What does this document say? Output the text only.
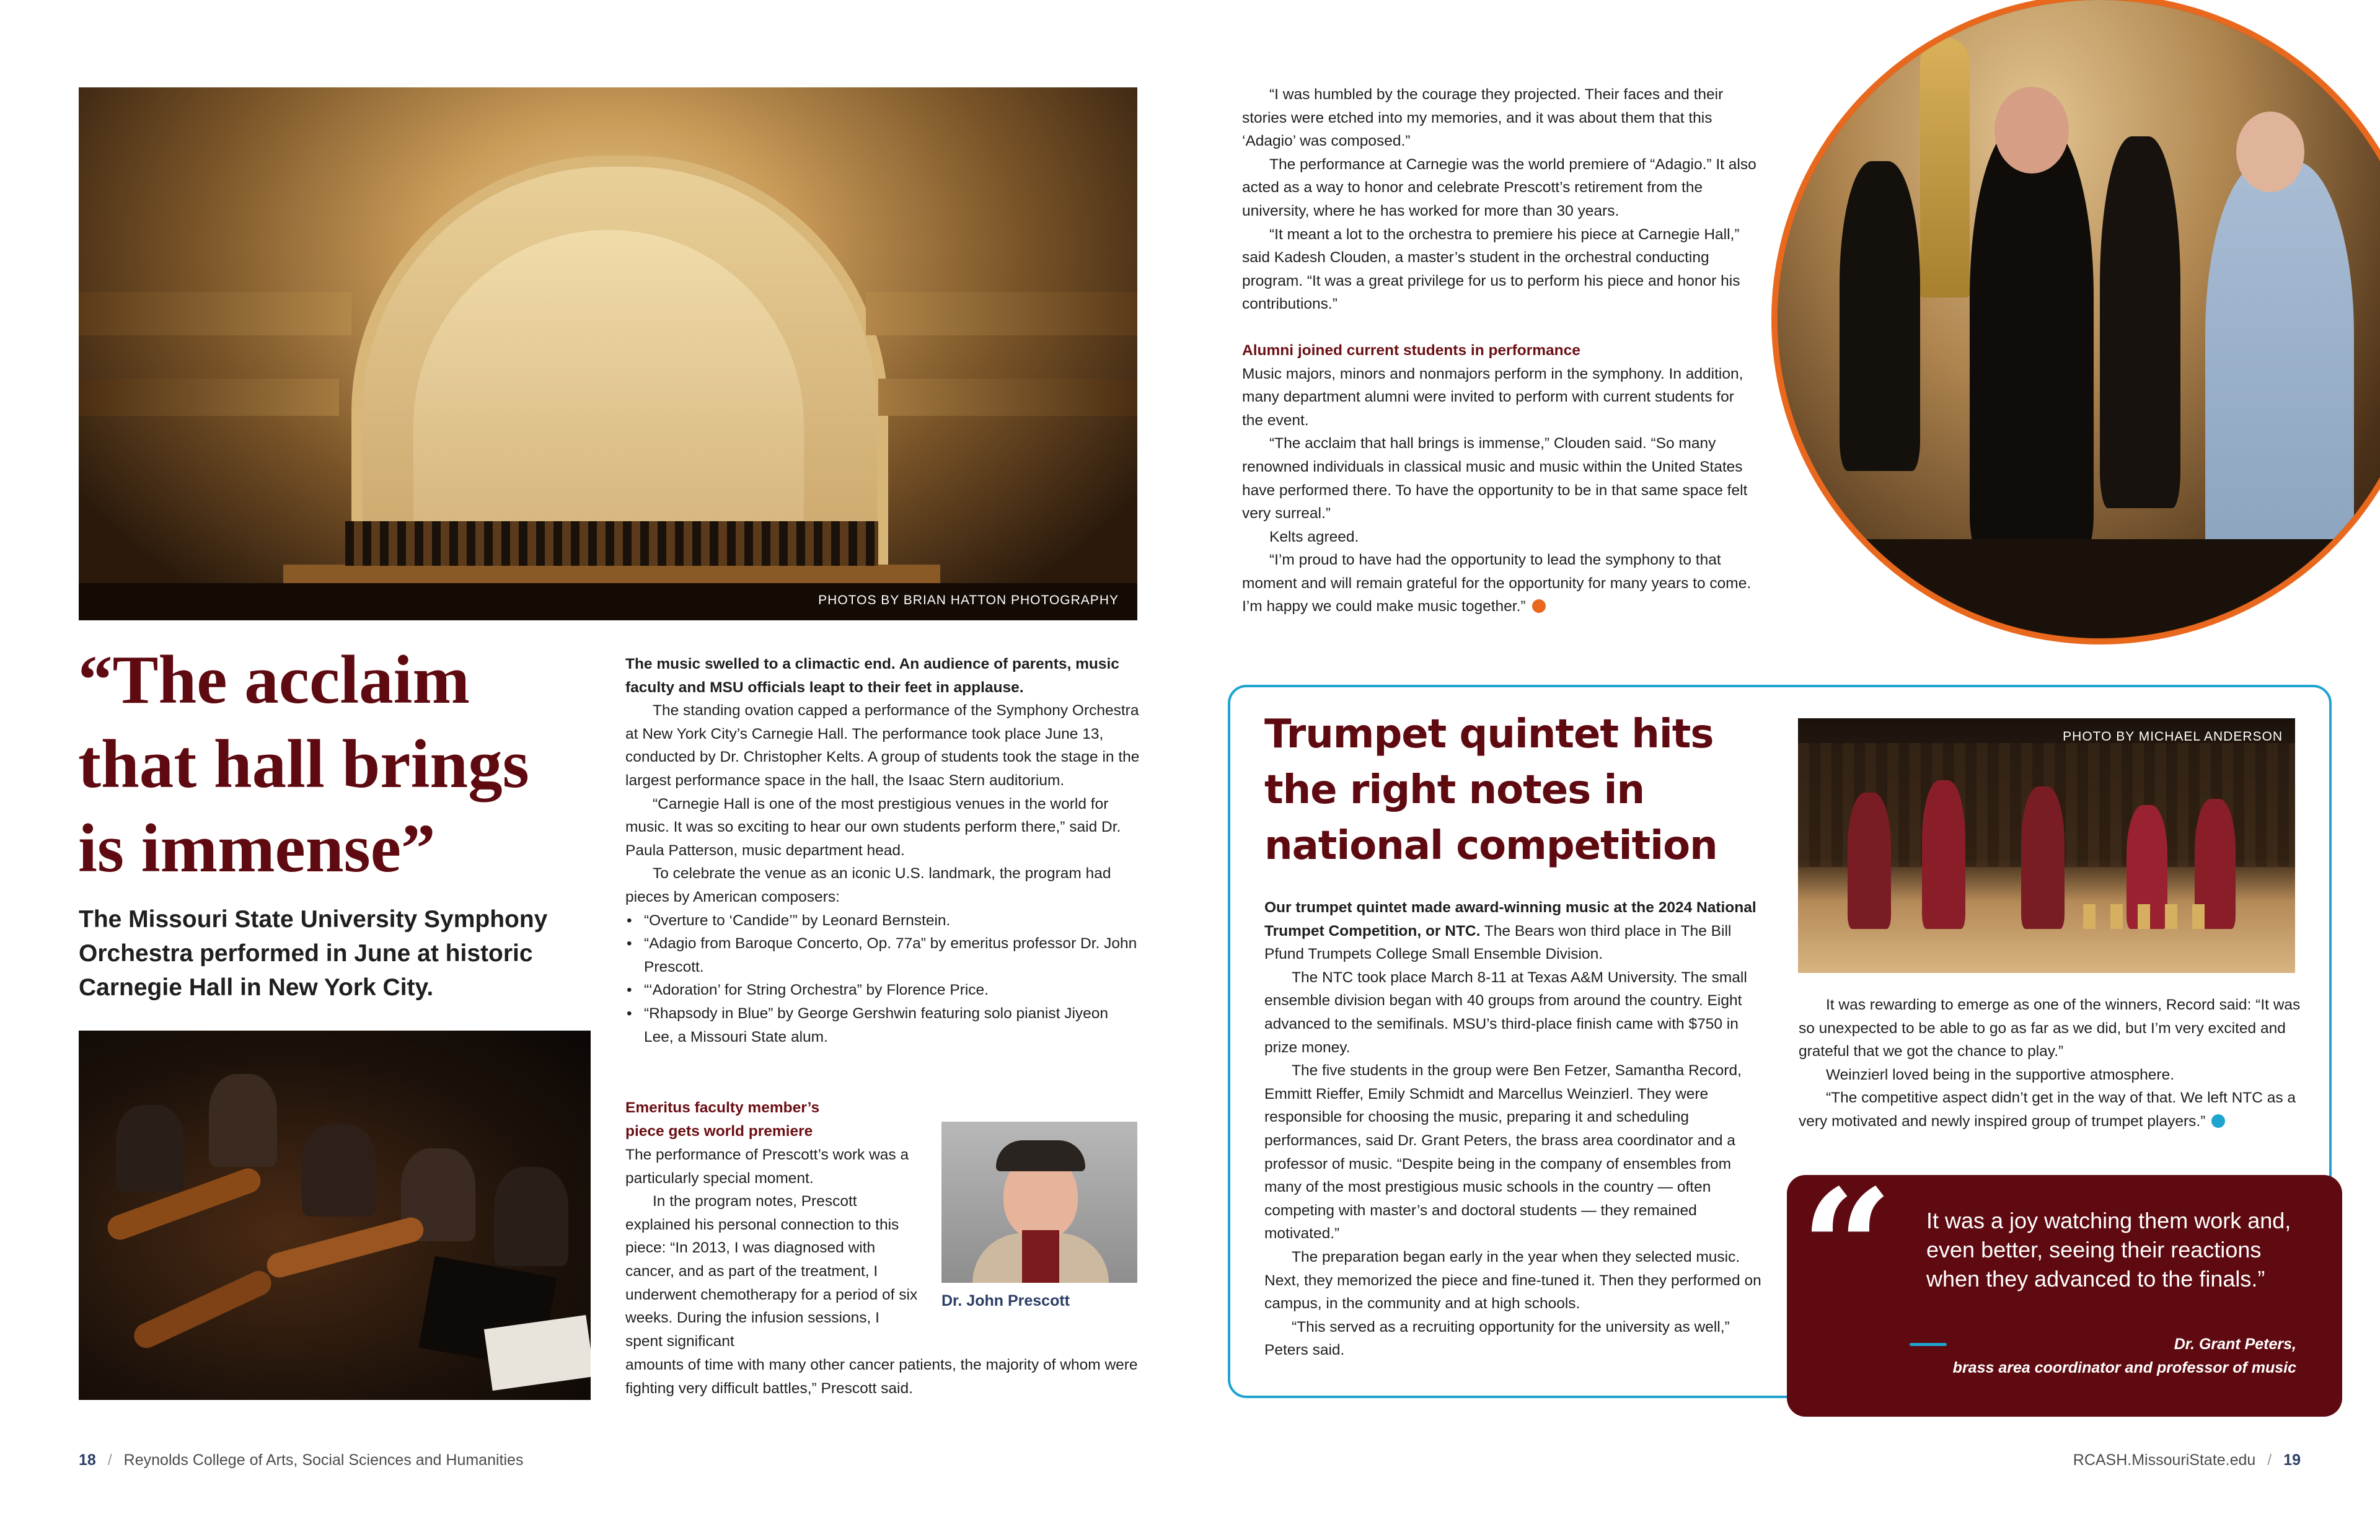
PHOTOS BY BRIAN HATTON PHOTOGRAPHY
“The acclaim
that hall brings
is immense”
The Missouri State University Symphony
Orchestra performed in June at historic
Carnegie Hall in New York City.

The music swelled to a climactic end. An audience of parents, music faculty and MSU officials leapt to their feet in applause.

The standing ovation capped a performance of the Symphony Orchestra at New York City’s Carnegie Hall. The performance took place June 13, conducted by Dr. Christopher Kelts. A group of students took the stage in the largest performance space in the hall, the Isaac Stern auditorium.

“Carnegie Hall is one of the most prestigious venues in the world for music. It was so exciting to hear our own students perform there,” said Dr. Paula Patterson, music department head.

To celebrate the venue as an iconic U.S. landmark, the program had pieces by American composers:

• “Overture to ‘Candide’” by Leonard Bernstein.
• “Adagio from Baroque Concerto, Op. 77a” by emeritus professor Dr. John Prescott.
• “‘Adoration’ for String Orchestra” by Florence Price.
• “Rhapsody in Blue” by George Gershwin featuring solo pianist Jiyeon Lee, a Missouri State alum.
Emeritus faculty member’s
piece gets world premiere

The performance of Prescott’s work was a particularly special moment.

In the program notes, Prescott explained his personal connection to this piece: “In 2013, I was diagnosed with cancer, and as part of the treatment, I underwent chemotherapy for a period of six weeks. During the infusion sessions, I spent significant

amounts of time with many other cancer patients, the majority of whom were fighting very difficult battles,” Prescott said.

Dr. John Prescott
18 / Reynolds College of Arts, Social Sciences and Humanities

“I was humbled by the courage they projected. Their faces and their stories were etched into my memories, and it was about them that this ‘Adagio’ was composed.”

The performance at Carnegie was the world premiere of “Adagio.” It also acted as a way to honor and celebrate Prescott’s retirement from the university, where he has worked for more than 30 years.

“It meant a lot to the orchestra to premiere his piece at Carnegie Hall,” said Kadesh Clouden, a master’s student in the orchestral conducting program. “It was a great privilege for us to perform his piece and honor his contributions.”

Alumni joined current students in performance

Music majors, minors and nonmajors perform in the symphony. In addition, many department alumni were invited to perform with current students for the event.

“The acclaim that hall brings is immense,” Clouden said. “So many renowned individuals in classical music and music within the United States have performed there. To have the opportunity to be in that same space felt very surreal.”

Kelts agreed.

“I’m proud to have had the opportunity to lead the symphony to that moment and will remain grateful for the opportunity for many years to come. I’m happy we could make music together.”

Trumpet quintet hits
the right notes in
national competition

Our trumpet quintet made award-winning music at the 2024 National Trumpet Competition, or NTC. The Bears won third place in The Bill Pfund Trumpets College Small Ensemble Division.

The NTC took place March 8-11 at Texas A&M University. The small ensemble division began with 40 groups from around the country. Eight advanced to the semifinals. MSU’s third-place finish came with $750 in prize money.

The five students in the group were Ben Fetzer, Samantha Record, Emmitt Rieffer, Emily Schmidt and Marcellus Weinzierl. They were responsible for choosing the music, preparing it and scheduling performances, said Dr. Grant Peters, the brass area coordinator and a professor of music. “Despite being in the company of ensembles from many of the most prestigious music schools in the country — often competing with master’s and doctoral students — they remained motivated.”

The preparation began early in the year when they selected music. Next, they memorized the piece and fine-tuned it. Then they performed on campus, in the community and at high schools.

“This served as a recruiting opportunity for the university as well,” Peters said.

PHOTO BY MICHAEL ANDERSON

It was rewarding to emerge as one of the winners, Record said: “It was so unexpected to be able to go as far as we did, but I’m very excited and grateful that we got the chance to play.”

Weinzierl loved being in the supportive atmosphere.

“The competitive aspect didn’t get in the way of that. We left NTC as a very motivated and newly inspired group of trumpet players.”

“ It was a joy watching them work and, even better, seeing their reactions when they advanced to the finals.”
Dr. Grant Peters,
brass area coordinator and professor of music
RCASH.MissouriState.edu / 19
